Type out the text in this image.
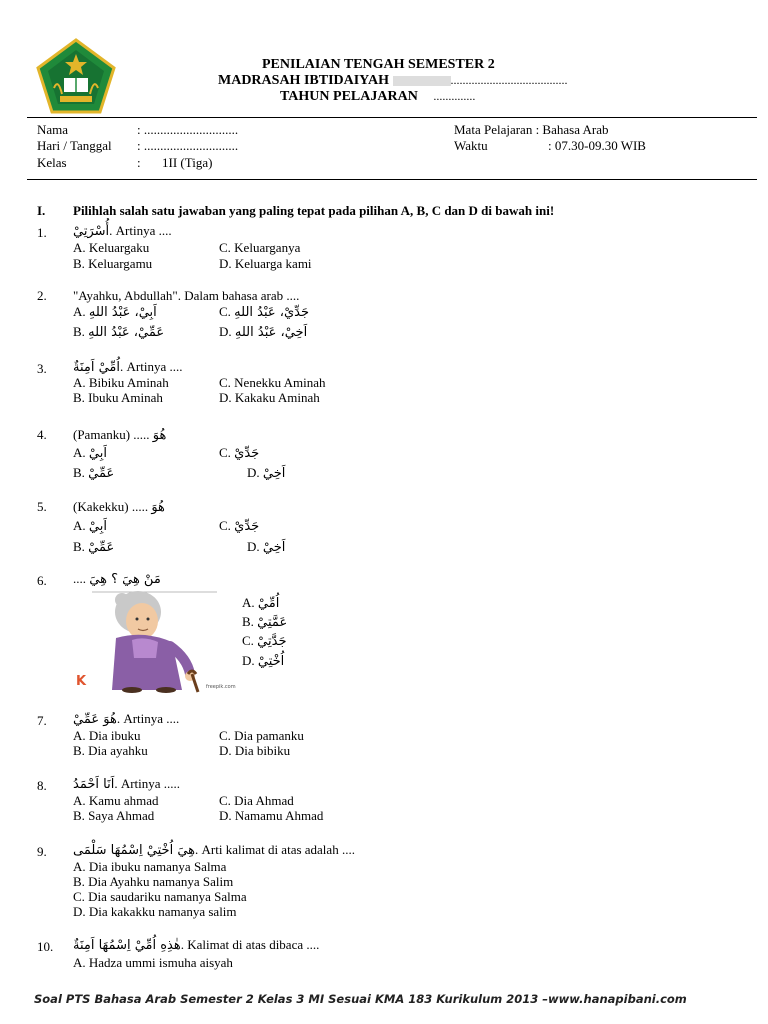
PENILAIAN TENGAH SEMESTER 2
MADRASAH IBTIDAIYAH	.......................................
TAHUN PELAJARAN ..............
Nama	: .............................
Hari / Tanggal : .............................
Kelas	: 1II (Tiga)
Mata Pelajaran : Bahasa Arab
Waktu	: 07.30-09.30 WIB
I. Pilihlah salah satu jawaban yang paling tepat pada pilihan A, B, C dan D di bawah ini!
1. أُسْرَتِيْ. Artinya ....
A. Keluargaku	C. Keluarganya
B. Keluargamu	D. Keluarga kami
2. "Ayahku, Abdullah". Dalam bahasa arab ....
A. اَبِيْ، عَبْدُ اللهِ	C. جَدِّيْ، عَبْدُ اللهِ
B. عَمِّيْ، عَبْدُ اللهِ	D. اَخِيْ، عَبْدُ اللهِ
3. اُمِّيْ اَمِنَةٌ. Artinya ....
A. Bibiku Aminah	C. Nenekku Aminah
B. Ibuku Aminah	D. Kakaku Aminah
4. (Pamanku) ..... هُوَ
A. اَبِيْ	C. جَدِّيْ
B. عَمِّيْ	D. اَخِيْ
5. (Kakekku) ..... هُوَ
A. اَبِيْ	C. جَدِّيْ
B. عَمِّيْ	D. اَخِيْ
6. .... مَنْ هِيَ ؟ هِيَ
K	freepik.com
A. اُمِّيْ
B. عَمَّتِيْ
C. جَدَّتِيْ
D. اُخْتِيْ
7. هُوَ عَمِّيْ. Artinya ....
A. Dia ibuku	C. Dia pamanku
B. Dia ayahku	D. Dia bibiku
8. اَنَا اَحْمَدُ. Artinya .....
A. Kamu ahmad	C. Dia Ahmad
B. Saya Ahmad	D. Namamu Ahmad
9. هِيَ اُخْتِيْ اِسْمُهَا سَلْمَى. Arti kalimat di atas adalah ....
A. Dia ibuku namanya Salma
B. Dia Ayahku namanya Salim
C. Dia saudariku namanya Salma
D. Dia kakakku namanya salim
10. هٰذِهِ اُمِّيْ اِسْمُهَا اَمِنَةٌ. Kalimat di atas dibaca ....
A. Hadza ummi ismuha aisyah
Soal PTS Bahasa Arab Semester 2 Kelas 3 MI Sesuai KMA 183 Kurikulum 2013 –www.hanapibani.com
